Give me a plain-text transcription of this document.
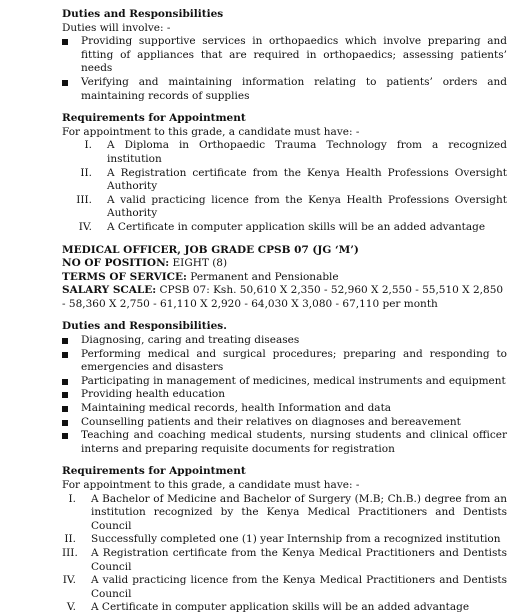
Duties and Responsibilities
Duties will involve: -
Providing supportive services in orthopaedics which involve preparing and fitting of appliances that are required in orthopaedics; assessing patients’ needs
Verifying and maintaining information relating to patients’ orders and maintaining records of supplies
Requirements for Appointment
For appointment to this grade, a candidate must have: -
I. A Diploma in Orthopaedic Trauma Technology from a recognized institution
II. A Registration certificate from the Kenya Health Professions Oversight Authority
III. A valid practicing licence from the Kenya Health Professions Oversight Authority
IV. A Certificate in computer application skills will be an added advantage
MEDICAL OFFICER, JOB GRADE CPSB 07 (JG ‘M’)
NO OF POSITION: EIGHT (8)
TERMS OF SERVICE: Permanent and Pensionable
SALARY SCALE: CPSB 07: Ksh. 50,610 X 2,350 - 52,960 X 2,550 - 55,510 X 2,850 - 58,360 X 2,750 - 61,110 X 2,920 - 64,030 X 3,080 - 67,110 per month
Duties and Responsibilities.
Diagnosing, caring and treating diseases
Performing medical and surgical procedures; preparing and responding to emergencies and disasters
Participating in management of medicines, medical instruments and equipment
Providing health education
Maintaining medical records, health Information and data
Counselling patients and their relatives on diagnoses and bereavement
Teaching and coaching medical students, nursing students and clinical officer interns and preparing requisite documents for registration
Requirements for Appointment
For appointment to this grade, a candidate must have: -
I. A Bachelor of Medicine and Bachelor of Surgery (M.B; Ch.B.) degree from an institution recognized by the Kenya Medical Practitioners and Dentists Council
II. Successfully completed one (1) year Internship from a recognized institution
III. A Registration certificate from the Kenya Medical Practitioners and Dentists Council
IV. A valid practicing licence from the Kenya Medical Practitioners and Dentists Council
V. A Certificate in computer application skills will be an added advantage
